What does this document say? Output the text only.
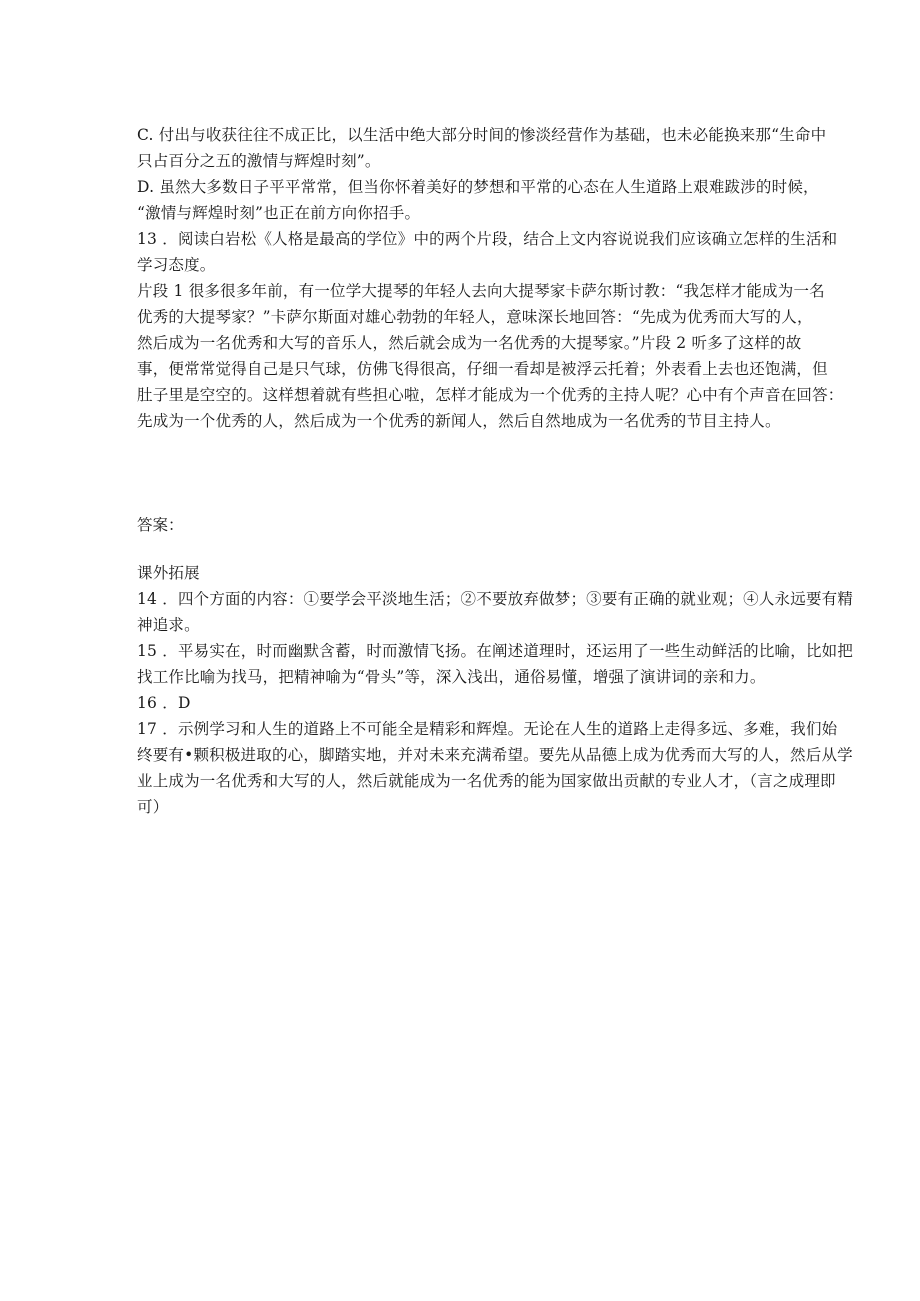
C. 付出与收获往往不成正比，以生活中绝大部分时间的惨淡经营作为基础，也未必能换来那“生命中
只占百分之五的激情与辉煌时刻”。
D. 虽然大多数日子平平常常，但当你怀着美好的梦想和平常的心态在人生道路上艰难跋涉的时候，
“激情与辉煌时刻”也正在前方向你招手。
13 ．阅读白岩松《人格是最高的学位》中的两个片段，结合上文内容说说我们应该确立怎样的生活和
学习态度。
片段 1 很多很多年前，有一位学大提琴的年轻人去向大提琴家卡萨尔斯讨教：“我怎样才能成为一名
优秀的大提琴家？”卡萨尔斯面对雄心勃勃的年轻人，意味深长地回答：“先成为优秀而大写的人，
然后成为一名优秀和大写的音乐人，然后就会成为一名优秀的大提琴家。”片段 2 听多了这样的故
事，便常常觉得自己是只气球，仿佛飞得很高，仔细一看却是被浮云托着；外表看上去也还饱满，但
肚子里是空空的。这样想着就有些担心啦，怎样才能成为一个优秀的主持人呢？心中有个声音在回答：
先成为一个优秀的人，然后成为一个优秀的新闻人，然后自然地成为一名优秀的节目主持人。
答案：
课外拓展
14 ．四个方面的内容：①要学会平淡地生活；②不要放弃做梦；③要有正确的就业观；④人永远要有精
神追求。
15 ．平易实在，时而幽默含蓄，时而激情飞扬。在阐述道理时，还运用了一些生动鲜活的比喻，比如把
找工作比喻为找马，把精神喻为“骨头”等，深入浅出，通俗易懂，增强了演讲词的亲和力。
16 ．D
17 ．示例学习和人生的道路上不可能全是精彩和辉煌。无论在人生的道路上走得多远、多难，我们始
终要有•颗积极进取的心，脚踏实地，并对未来充满希望。要先从品德上成为优秀而大写的人，然后从学
业上成为一名优秀和大写的人，然后就能成为一名优秀的能为国家做出贡献的专业人才，（言之成理即
可）
